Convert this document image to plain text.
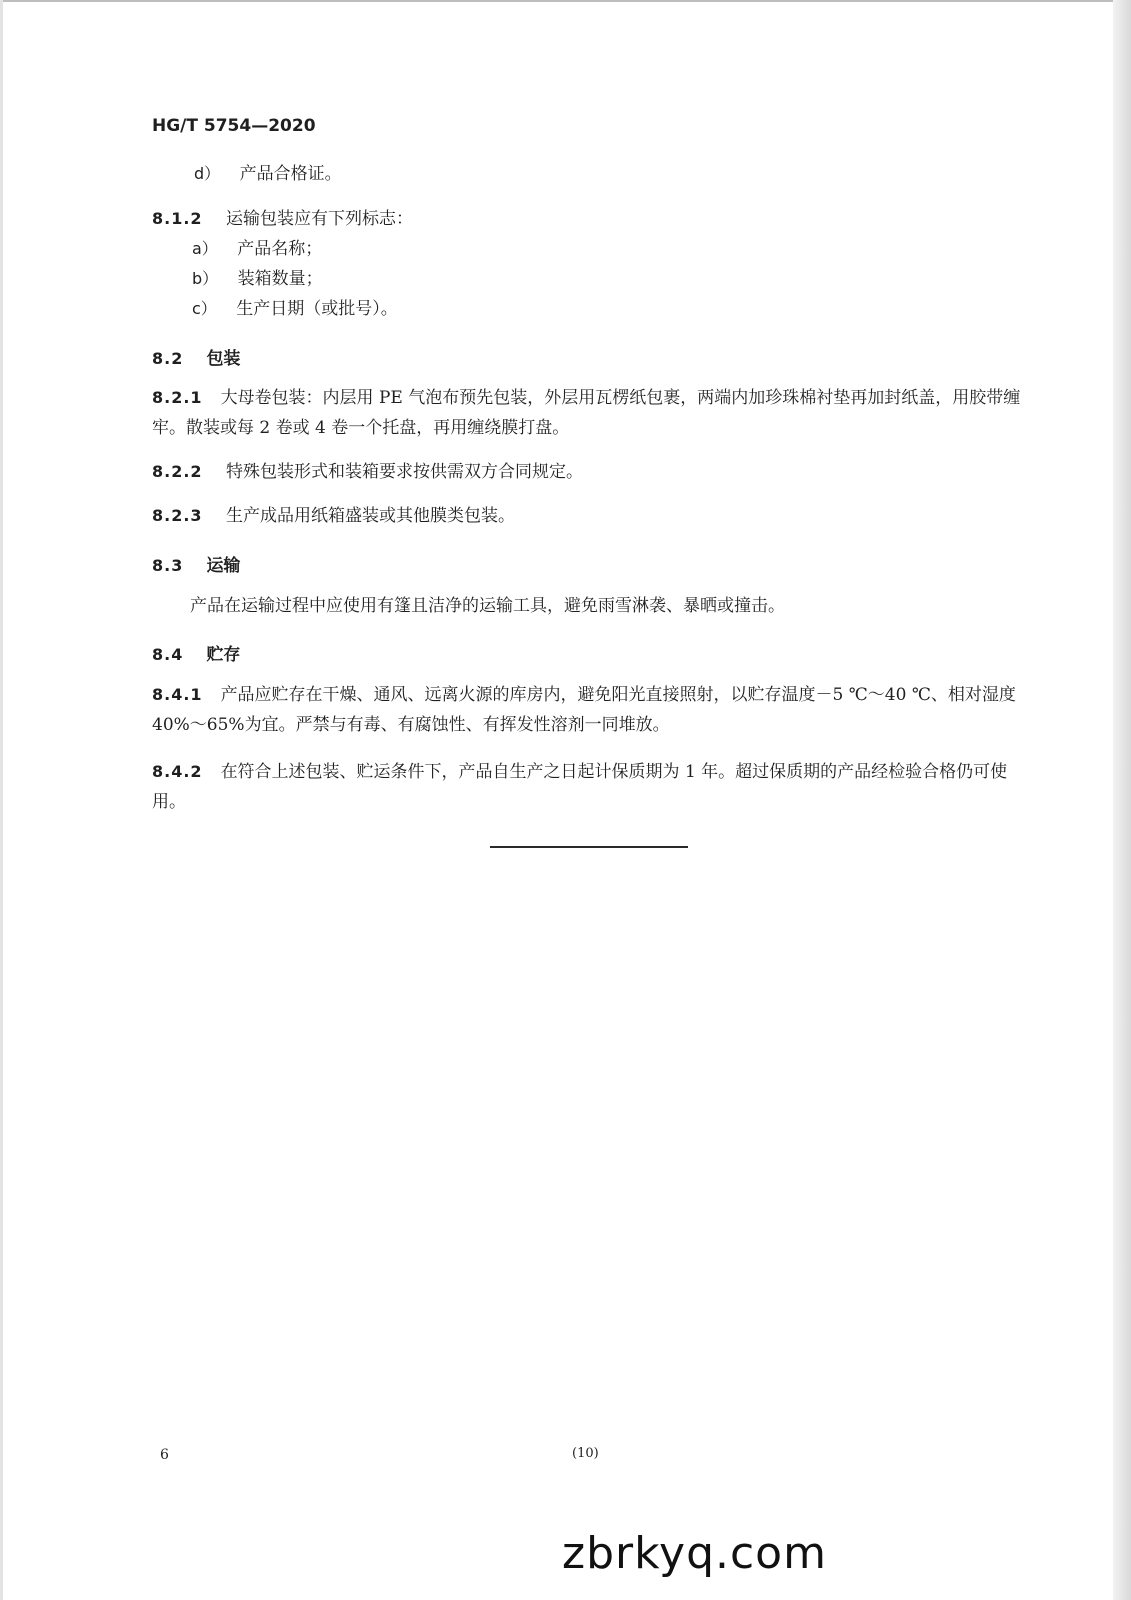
HG/T 5754—2020
d） 产品合格证。
8.1.2 运输包装应有下列标志：
a） 产品名称；
b） 装箱数量；
c） 生产日期（或批号）。
8.2 包装
8.2.1 大母卷包装：内层用 PE 气泡布预先包装，外层用瓦楞纸包裹，两端内加珍珠棉衬垫再加封纸盖，用胶带缠牢。散装或每 2 卷或 4 卷一个托盘，再用缠绕膜打盘。
8.2.2 特殊包装形式和装箱要求按供需双方合同规定。
8.2.3 生产成品用纸箱盛装或其他膜类包装。
8.3 运输
产品在运输过程中应使用有篷且洁净的运输工具，避免雨雪淋袭、暴晒或撞击。
8.4 贮存
8.4.1 产品应贮存在干燥、通风、远离火源的库房内，避免阳光直接照射，以贮存温度－5 ℃～40 ℃、相对湿度 40%～65%为宜。严禁与有毒、有腐蚀性、有挥发性溶剂一同堆放。
8.4.2 在符合上述包装、贮运条件下，产品自生产之日起计保质期为 1 年。超过保质期的产品经检验合格仍可使用。
6	(10)
zbrkyq.com
